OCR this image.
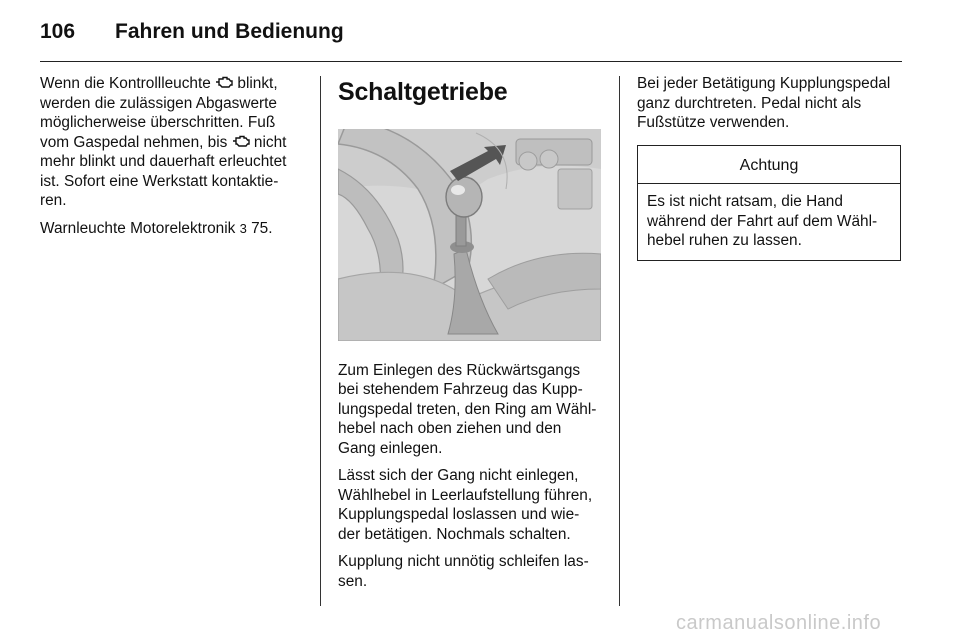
106 Fahren und Bedienung

Wenn die Kontrollleuchte  blinkt,
werden die zulässigen Abgaswerte
möglicherweise überschritten. Fuß
vom Gaspedal nehmen, bis  nicht
mehr blinkt und dauerhaft erleuchtet
ist. Sofort eine Werkstatt kontaktie‐
ren.

Warnleuchte Motorelektronik 3 75.

Schaltgetriebe

Zum Einlegen des Rückwärtsgangs
bei stehendem Fahrzeug das Kupp‐
lungspedal treten, den Ring am Wähl‐
hebel nach oben ziehen und den
Gang einlegen.

Lässt sich der Gang nicht einlegen,
Wählhebel in Leerlaufstellung führen,
Kupplungspedal loslassen und wie‐
der betätigen. Nochmals schalten.

Kupplung nicht unnötig schleifen las‐
sen.

Bei jeder Betätigung Kupplungspedal
ganz durchtreten. Pedal nicht als
Fußstütze verwenden.

Achtung

Es ist nicht ratsam, die Hand
während der Fahrt auf dem Wähl‐
hebel ruhen zu lassen.

carmanualsonline.info
